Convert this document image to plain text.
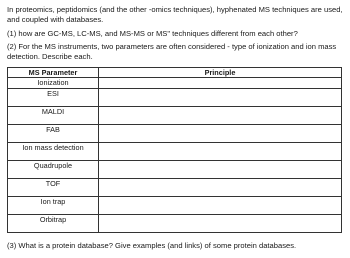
In proteomics, peptidomics (and the other -omics techniques), hyphenated MS techniques are used, and coupled with databases.
(1) how are GC-MS, LC-MS, and MS-MS or MS" techniques different from each other?
(2) For the MS instruments, two parameters are often considered - type of ionization and ion mass detection. Describe each.
MS Parameter	Principle
Ionization	
ESI	
MALDI	
FAB	
Ion mass detection	
Quadrupole	
TOF	
Ion trap	
Orbitrap	
(3) What is a protein database? Give examples (and links) of some protein databases.
